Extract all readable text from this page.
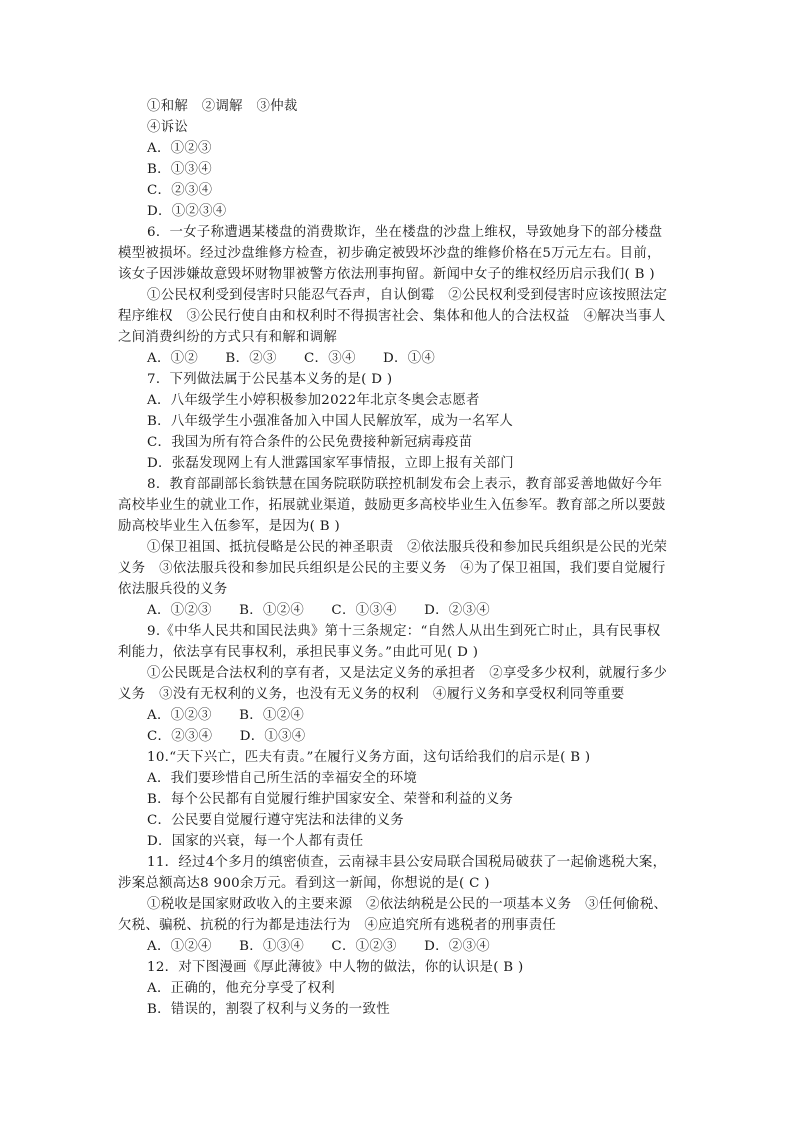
①和解　②调解　③仲裁
④诉讼
A．①②③
B．①③④
C．②③④
D．①②③④
6．一女子称遭遇某楼盘的消费欺诈，坐在楼盘的沙盘上维权，导致她身下的部分楼盘
模型被损坏。经过沙盘维修方检查，初步确定被毁坏沙盘的维修价格在5万元左右。目前，
该女子因涉嫌故意毁坏财物罪被警方依法刑事拘留。新闻中女子的维权经历启示我们( B )
①公民权利受到侵害时只能忍气吞声，自认倒霉　②公民权利受到侵害时应该按照法定
程序维权　③公民行使自由和权利时不得损害社会、集体和他人的合法权益　④解决当事人
之间消费纠纷的方式只有和解和调解
A．①②　　B．②③　　C．③④　　D．①④
7．下列做法属于公民基本义务的是( D )
A．八年级学生小婷积极参加2022年北京冬奥会志愿者
B．八年级学生小强准备加入中国人民解放军，成为一名军人
C．我国为所有符合条件的公民免费接种新冠病毒疫苗
D．张磊发现网上有人泄露国家军事情报，立即上报有关部门
8．教育部副部长翁铁慧在国务院联防联控机制发布会上表示，教育部妥善地做好今年
高校毕业生的就业工作，拓展就业渠道，鼓励更多高校毕业生入伍参军。教育部之所以要鼓
励高校毕业生入伍参军，是因为( B )
①保卫祖国、抵抗侵略是公民的神圣职责　②依法服兵役和参加民兵组织是公民的光荣
义务　③依法服兵役和参加民兵组织是公民的主要义务　④为了保卫祖国，我们要自觉履行
依法服兵役的义务
A．①②③　　B．①②④　　C．①③④　　D．②③④
9.《中华人民共和国民法典》第十三条规定：“自然人从出生到死亡时止，具有民事权
利能力，依法享有民事权利，承担民事义务。”由此可见( D )
①公民既是合法权利的享有者，又是法定义务的承担者　②享受多少权利，就履行多少
义务　③没有无权利的义务，也没有无义务的权利　④履行义务和享受权利同等重要
A．①②③　　B．①②④
C．②③④　　D．①③④
10.“天下兴亡，匹夫有责。”在履行义务方面，这句话给我们的启示是( B )
A．我们要珍惜自己所生活的幸福安全的环境
B．每个公民都有自觉履行维护国家安全、荣誉和利益的义务
C．公民要自觉履行遵守宪法和法律的义务
D．国家的兴衰，每一个人都有责任
11．经过4个多月的缜密侦查，云南禄丰县公安局联合国税局破获了一起偷逃税大案，
涉案总额高达8 900余万元。看到这一新闻，你想说的是( C )
①税收是国家财政收入的主要来源　②依法纳税是公民的一项基本义务　③任何偷税、
欠税、骗税、抗税的行为都是违法行为　④应追究所有逃税者的刑事责任
A．①②④　　B．①③④　　C．①②③　　D．②③④
12．对下图漫画《厚此薄彼》中人物的做法，你的认识是( B )
A．正确的，他充分享受了权利
B．错误的，割裂了权利与义务的一致性
